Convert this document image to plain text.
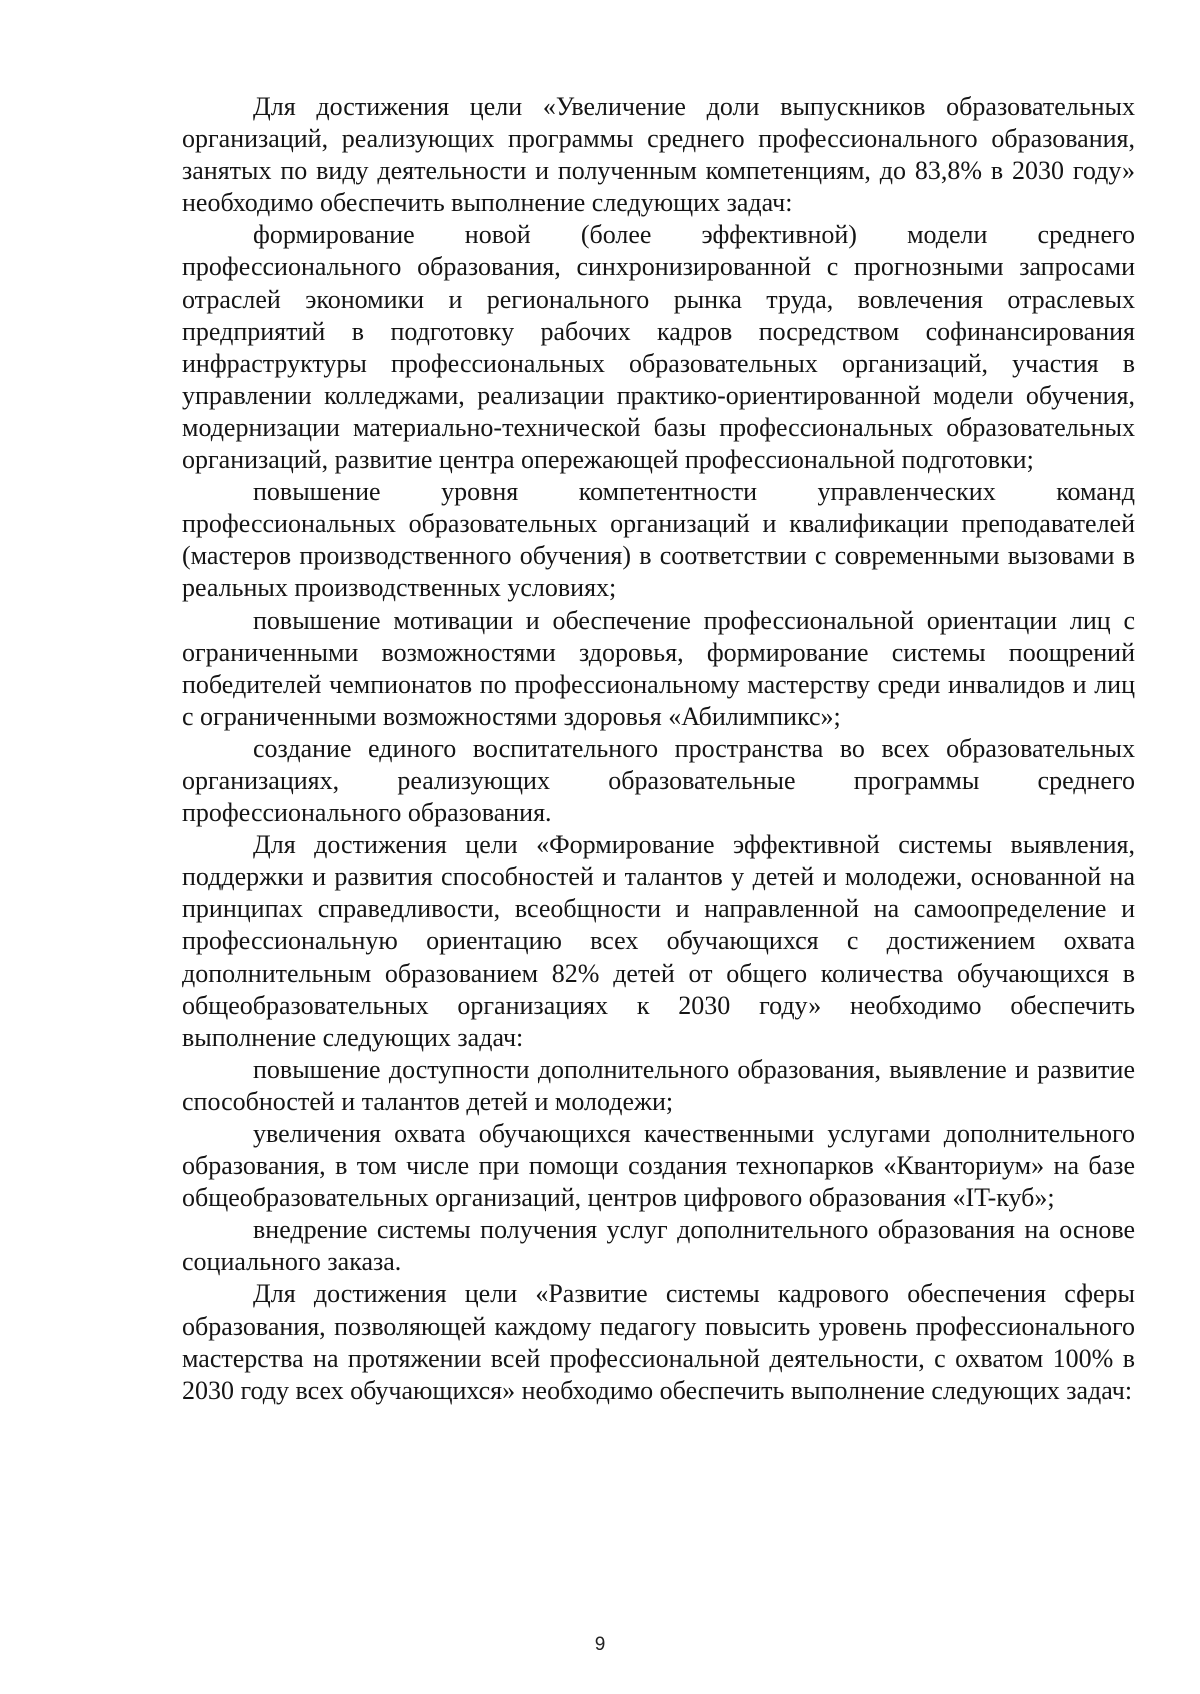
Для достижения цели «Увеличение доли выпускников образовательных организаций, реализующих программы среднего профессионального образования, занятых по виду деятельности и полученным компетенциям, до 83,8% в 2030 году» необходимо обеспечить выполнение следующих задач:

формирование новой (более эффективной) модели среднего профессионального образования, синхронизированной с прогнозными запросами отраслей экономики и регионального рынка труда, вовлечения отраслевых предприятий в подготовку рабочих кадров посредством софинансирования инфраструктуры профессиональных образовательных организаций, участия в управлении колледжами, реализации практико-ориентированной модели обучения, модернизации материально-технической базы профессиональных образовательных организаций, развитие центра опережающей профессиональной подготовки;

повышение уровня компетентности управленческих команд профессиональных образовательных организаций и квалификации преподавателей (мастеров производственного обучения) в соответствии с современными вызовами в реальных производственных условиях;

повышение мотивации и обеспечение профессиональной ориентации лиц с ограниченными возможностями здоровья, формирование системы поощрений победителей чемпионатов по профессиональному мастерству среди инвалидов и лиц с ограниченными возможностями здоровья «Абилимпикс»;

создание единого воспитательного пространства во всех образовательных организациях, реализующих образовательные программы среднего профессионального образования.

Для достижения цели «Формирование эффективной системы выявления, поддержки и развития способностей и талантов у детей и молодежи, основанной на принципах справедливости, всеобщности и направленной на самоопределение и профессиональную ориентацию всех обучающихся с достижением охвата дополнительным образованием 82% детей от общего количества обучающихся в общеобразовательных организациях к 2030 году» необходимо обеспечить выполнение следующих задач:

повышение доступности дополнительного образования, выявление и развитие способностей и талантов детей и молодежи;

увеличения охвата обучающихся качественными услугами дополнительного образования, в том числе при помощи создания технопарков «Кванториум» на базе общеобразовательных организаций, центров цифрового образования «IT-куб»;

внедрение системы получения услуг дополнительного образования на основе социального заказа.

Для достижения цели «Развитие системы кадрового обеспечения сферы образования, позволяющей каждому педагогу повысить уровень профессионального мастерства на протяжении всей профессиональной деятельности, с охватом 100% в 2030 году всех обучающихся» необходимо обеспечить выполнение следующих задач:

9
